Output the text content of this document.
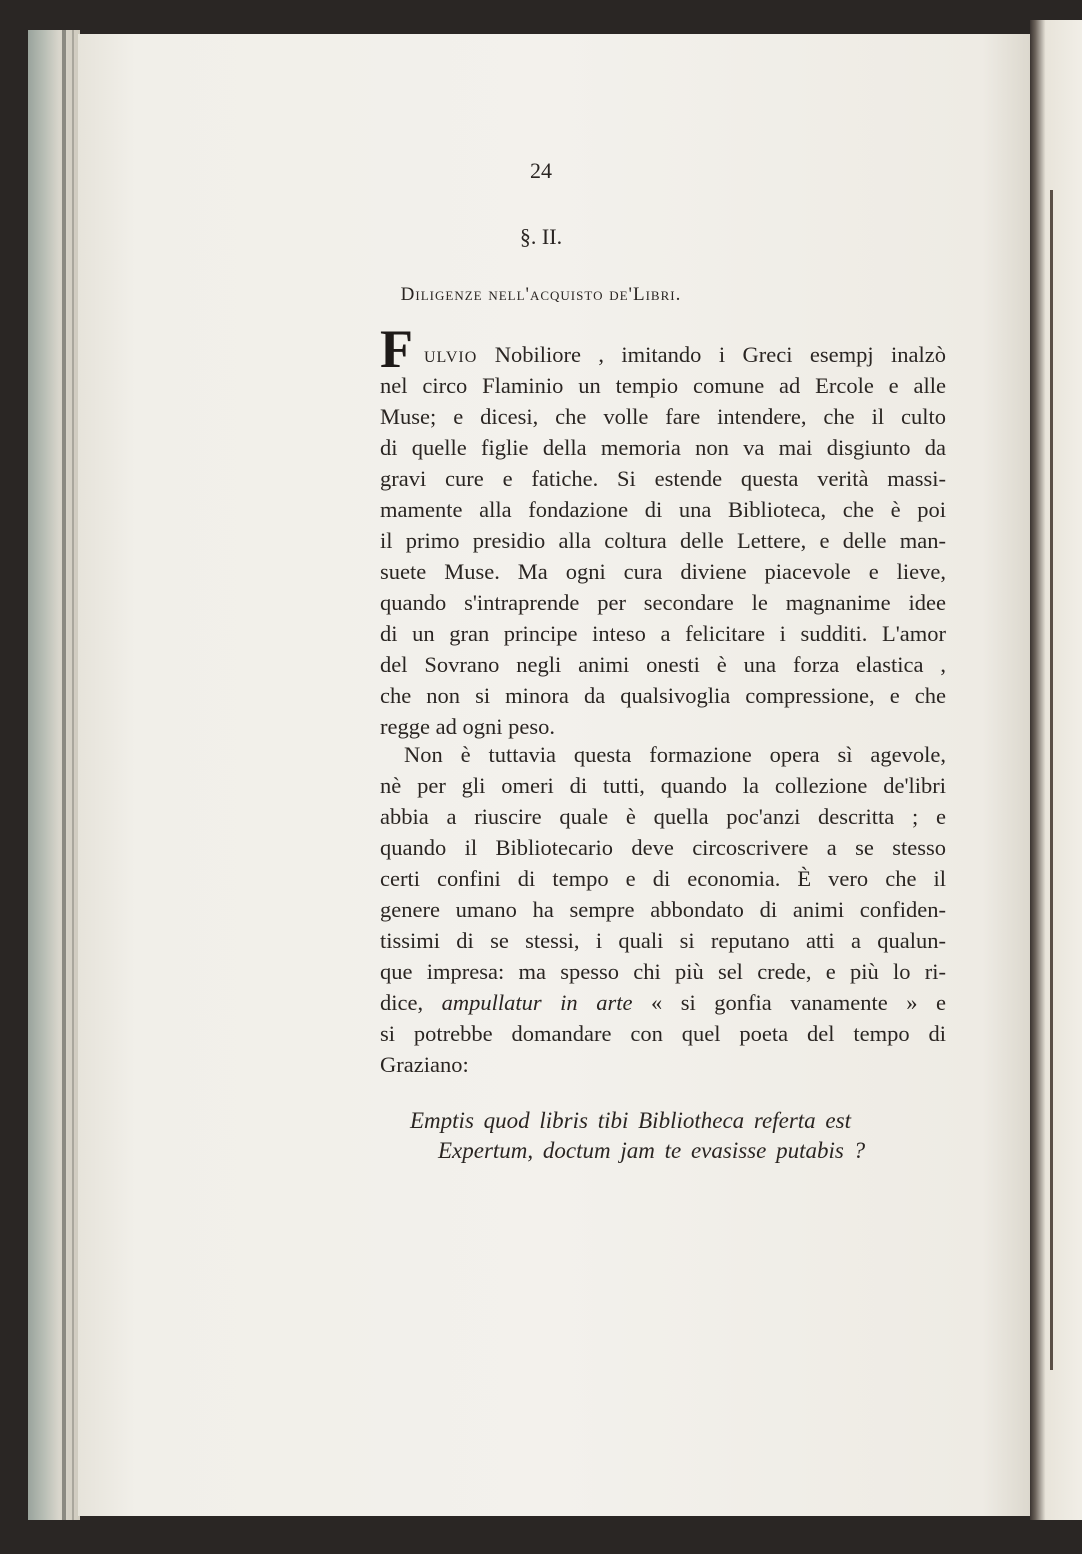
24
§. II.
Diligenze nell'acquisto de'Libri.
F ulvio Nobiliore , imitando i Greci esempj inalzò
nel circo Flaminio un tempio comune ad Ercole e alle
Muse; e dicesi, che volle fare intendere, che il culto
di quelle figlie della memoria non va mai disgiunto da
gravi cure e fatiche. Si estende questa verità massi-
mamente alla fondazione di una Biblioteca, che è poi
il primo presidio alla coltura delle Lettere, e delle man-
suete Muse. Ma ogni cura diviene piacevole e lieve,
quando s'intraprende per secondare le magnanime idee
di un gran principe inteso a felicitare i sudditi. L'amor
del Sovrano negli animi onesti è una forza elastica ,
che non si minora da qualsivoglia compressione, e che
regge ad ogni peso.
Non è tuttavia questa formazione opera sì agevole,
nè per gli omeri di tutti, quando la collezione de'libri
abbia a riuscire quale è quella poc'anzi descritta ; e
quando il Bibliotecario deve circoscrivere a se stesso
certi confini di tempo e di economia. È vero che il
genere umano ha sempre abbondato di animi confiden-
tissimi di se stessi, i quali si reputano atti a qualun-
que impresa: ma spesso chi più sel crede, e più lo ri-
dice, ampullatur in arte « si gonfia vanamente » e
si potrebbe domandare con quel poeta del tempo di
Graziano:
Emptis quod libris tibi Bibliotheca referta est
Expertum, doctum jam te evasisse putabis ?
